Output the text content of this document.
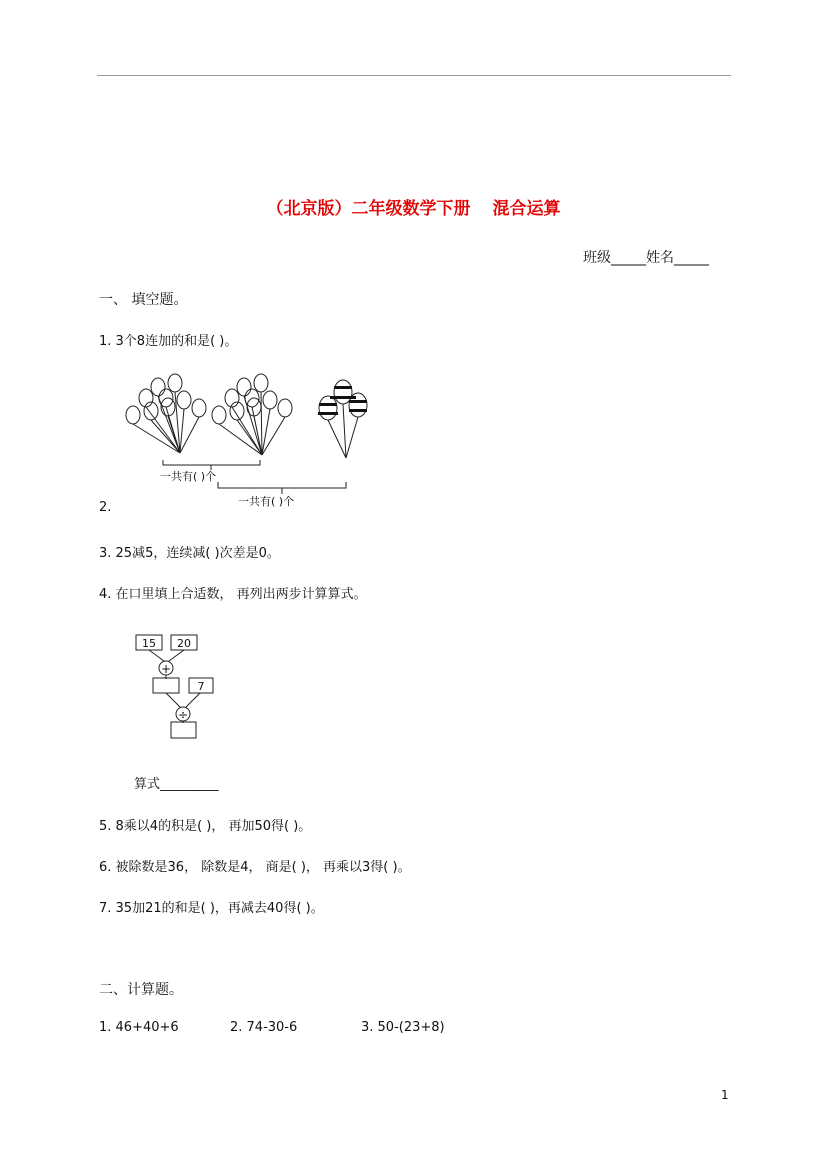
（北京版）二年级数学下册 混合运算
班级_____姓名_____
一、 填空题。
1. 3个8连加的和是( )。
一共有( )个
一共有( )个
2.
3. 25减5，连续减( )次差是0。
4. 在口里填上合适数， 再列出两步计算算式。
15 20
+
7
÷
算式_________
5. 8乘以4的积是( )， 再加50得( )。
6. 被除数是36， 除数是4， 商是( )， 再乘以3得( )。
7. 35加21的和是( )，再减去40得( )。
二、计算题。
1. 46+40+6	2. 74-30-6	3. 50-(23+8)
1
